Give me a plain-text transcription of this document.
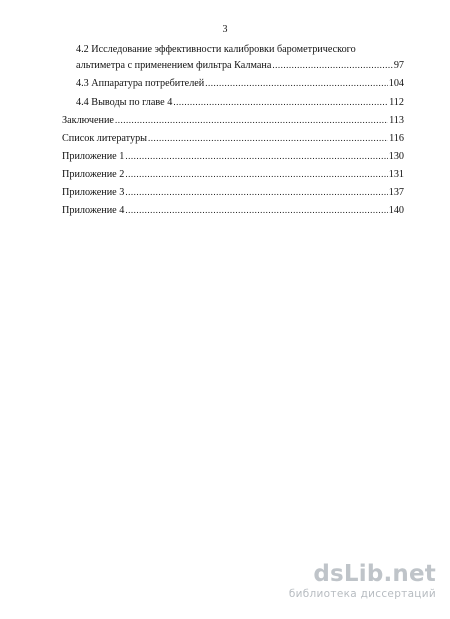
3
4.2 Исследование эффективности калибровки барометрического
альтиметра с применением фильтра Калмана .....	97
4.3 Аппаратура потребителей .....	104
4.4 Выводы по главе 4 .....	112
Заключение .....	113
Список литературы .....	116
Приложение 1 .....	130
Приложение 2 .....	131
Приложение 3 .....	137
Приложение 4 .....	140
dsLib.net
библиотека диссертаций
